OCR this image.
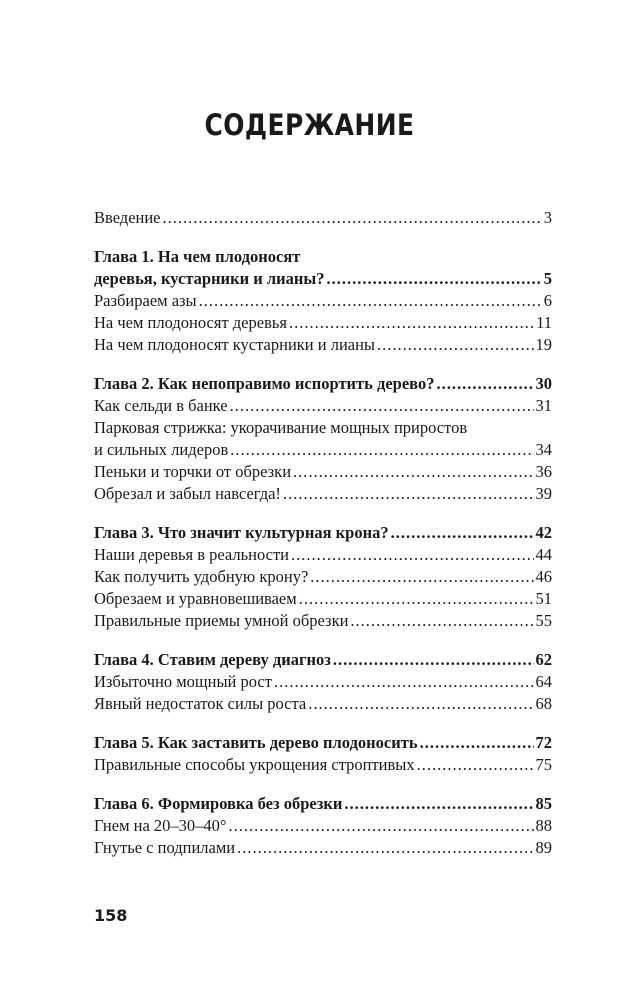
СОДЕРЖАНИЕ
Введение .....	3
Глава 1. На чем плодоносят
деревья, кустарники и лианы? .....	5
Разбираем азы .....	6
На чем плодоносят деревья .....	11
На чем плодоносят кустарники и лианы .....	19
Глава 2. Как непоправимо испортить дерево? .....	30
Как сельди в банке .....	31
Парковая стрижка: укорачивание мощных приростов
и сильных лидеров .....	34
Пеньки и торчки от обрезки .....	36
Обрезал и забыл навсегда! .....	39
Глава 3. Что значит культурная крона? .....	42
Наши деревья в реальности .....	44
Как получить удобную крону? .....	46
Обрезаем и уравновешиваем .....	51
Правильные приемы умной обрезки .....	55
Глава 4. Ставим дереву диагноз .....	62
Избыточно мощный рост .....	64
Явный недостаток силы роста .....	68
Глава 5. Как заставить дерево плодоносить .....	72
Правильные способы укрощения строптивых .....	75
Глава 6. Формировка без обрезки .....	85
Гнем на 20–30–40° .....	88
Гнутье с подпилами .....	89
158
